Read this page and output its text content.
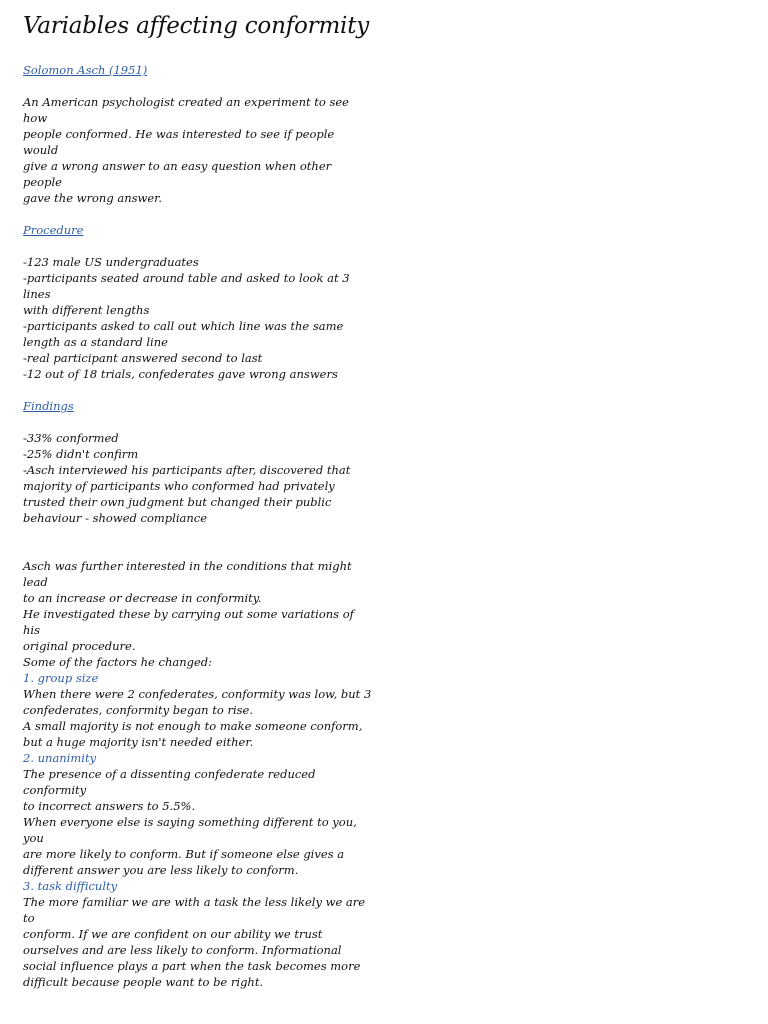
Variables affecting conformity
Solomon Asch (1951)
An American psychologist created an experiment to see how
people conformed. He was interested to see if people would
give a wrong answer to an easy question when other people
gave the wrong answer.
Procedure
-123 male US undergraduates
-participants seated around table and asked to look at 3 lines
with different lengths
-participants asked to call out which line was the same
length as a standard line
-real participant answered second to last
-12 out of 18 trials, confederates gave wrong answers
Findings
-33% conformed
-25% didn't confirm
-Asch interviewed his participants after, discovered that
majority of participants who conformed had privately
trusted their own judgment but changed their public
behaviour - showed compliance
Asch was further interested in the conditions that might lead
to an increase or decrease in conformity.
He investigated these by carrying out some variations of his
original procedure.
Some of the factors he changed:
1. group size
When there were 2 confederates, conformity was low, but 3
confederates, conformity began to rise.
A small majority is not enough to make someone conform,
but a huge majority isn't needed either.
2. unanimity
The presence of a dissenting confederate reduced conformity
to incorrect answers to 5.5%.
When everyone else is saying something different to you, you
are more likely to conform. But if someone else gives a
different answer you are less likely to conform.
3. task difficulty
The more familiar we are with a task the less likely we are to
conform. If we are confident on our ability we trust
ourselves and are less likely to conform. Informational
social influence plays a part when the task becomes more
difficult because people want to be right.
